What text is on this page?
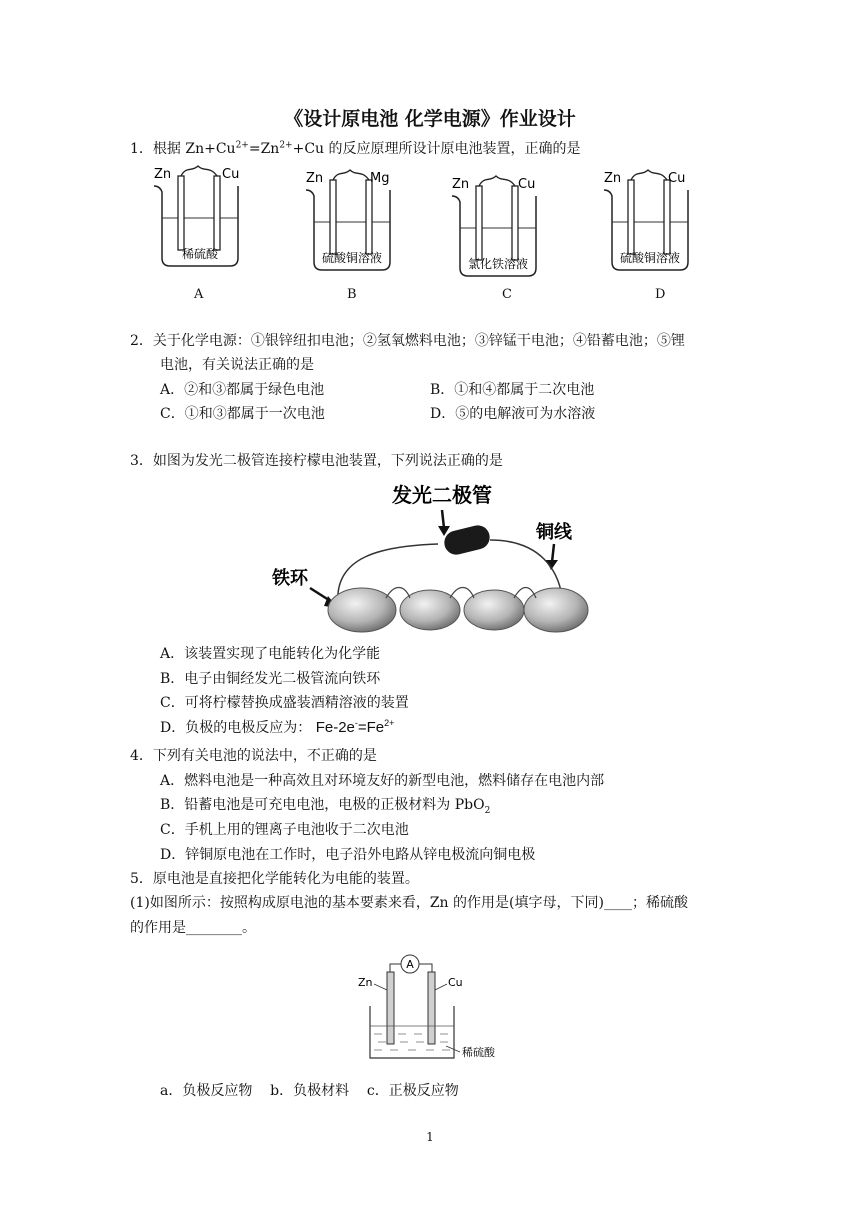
《设计原电池 化学电源》作业设计
1．根据 $Zn+Cu^{2+}=Zn^{2+}+Cu$ 的反应原理所设计原电池装置，正确的是
Zn	Cu
稀硫酸
A
Zn	Mg
硫酸铜溶液
B
Zn	Cu
氯化铁溶液
C
Zn	Cu
硫酸铜溶液
D
2．关于化学电源：①银锌纽扣电池；②氢氧燃料电池；③锌锰干电池；④铅蓄电池；⑤锂
电池，有关说法正确的是
A．②和③都属于绿色电池	B．①和④都属于二次电池
C．①和③都属于一次电池	D．⑤的电解液可为水溶液
3．如图为发光二极管连接柠檬电池装置，下列说法正确的是
发光二极管
铜线
铁环
A．该装置实现了电能转化为化学能
B．电子由铜经发光二极管流向铁环
C．可将柠檬替换成盛装酒精溶液的装置
D．负极的电极反应为： $Fe-2e^-=Fe^{2+}$
4．下列有关电池的说法中，不正确的是
A．燃料电池是一种高效且对环境友好的新型电池，燃料储存在电池内部
B．铅蓄电池是可充电电池，电极的正极材料为 PbO$_2$
C．手机上用的锂离子电池收于二次电池
D．锌铜原电池在工作时，电子沿外电路从锌电极流向铜电极
5．原电池是直接把化学能转化为电能的装置。
(1)如图所示：按照构成原电池的基本要素来看，Zn 的作用是(填字母，下同)____；稀硫酸
的作用是________。
A
Zn	Cu
稀硫酸
a．负极反应物    b．负极材料    c．正极反应物
1
